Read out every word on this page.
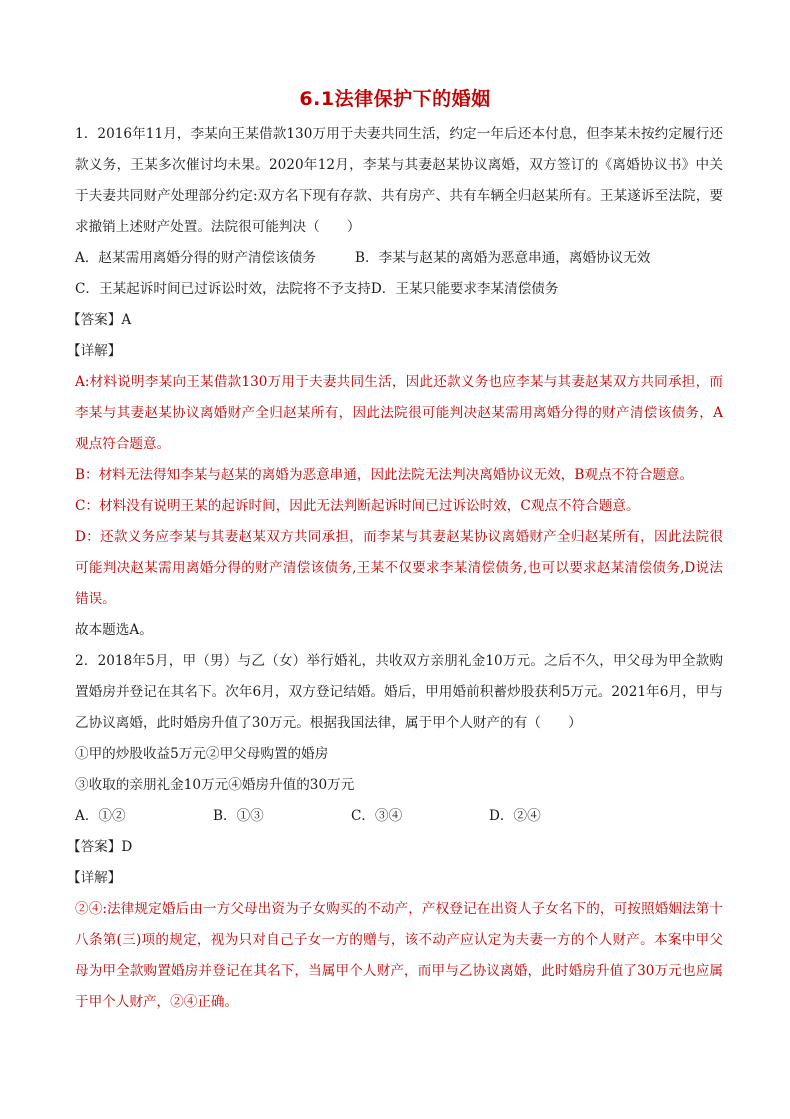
6.1法律保护下的婚姻

1．2016年11月，李某向王某借款130万用于夫妻共同生活，约定一年后还本付息，但李某未按约定履行还款义务，王某多次催讨均未果。2020年12月，李某与其妻赵某协议离婚，双方签订的《离婚协议书》中关于夫妻共同财产处理部分约定:双方名下现有存款、共有房产、共有车辆全归赵某所有。王某遂诉至法院，要求撤销上述财产处置。法院很可能判决（　　）

A．赵某需用离婚分得的财产清偿该债务	B．李某与赵某的离婚为恶意串通，离婚协议无效
C．王某起诉时间已过诉讼时效，法院将不予支持 D．王某只能要求李某清偿债务

【答案】A

【详解】

A:材料说明李某向王某借款130万用于夫妻共同生活，因此还款义务也应李某与其妻赵某双方共同承担，而李某与其妻赵某协议离婚财产全归赵某所有，因此法院很可能判决赵某需用离婚分得的财产清偿该债务，A观点符合题意。

B：材料无法得知李某与赵某的离婚为恶意串通，因此法院无法判决离婚协议无效，B观点不符合题意。

C：材料没有说明王某的起诉时间，因此无法判断起诉时间已过诉讼时效，C观点不符合题意。

D：还款义务应李某与其妻赵某双方共同承担，而李某与其妻赵某协议离婚财产全归赵某所有，因此法院很可能判决赵某需用离婚分得的财产清偿该债务,王某不仅要求李某清偿债务,也可以要求赵某清偿债务,D说法错误。

故本题选A。

2．2018年5月，甲（男）与乙（女）举行婚礼，共收双方亲朋礼金10万元。之后不久，甲父母为甲全款购置婚房并登记在其名下。次年6月，双方登记结婚。婚后，甲用婚前积蓄炒股获利5万元。2021年6月，甲与乙协议离婚，此时婚房升值了30万元。根据我国法律，属于甲个人财产的有（　　）

①甲的炒股收益5万元②甲父母购置的婚房

③收取的亲朋礼金10万元④婚房升值的30万元

A．①②	B．①③	C．③④	D．②④

【答案】D

【详解】

②④:法律规定婚后由一方父母出资为子女购买的不动产，产权登记在出资人子女名下的，可按照婚姻法第十八条第(三)项的规定，视为只对自己子女一方的赠与，该不动产应认定为夫妻一方的个人财产。本案中甲父母为甲全款购置婚房并登记在其名下，当属甲个人财产，而甲与乙协议离婚，此时婚房升值了30万元也应属于甲个人财产，②④正确。
